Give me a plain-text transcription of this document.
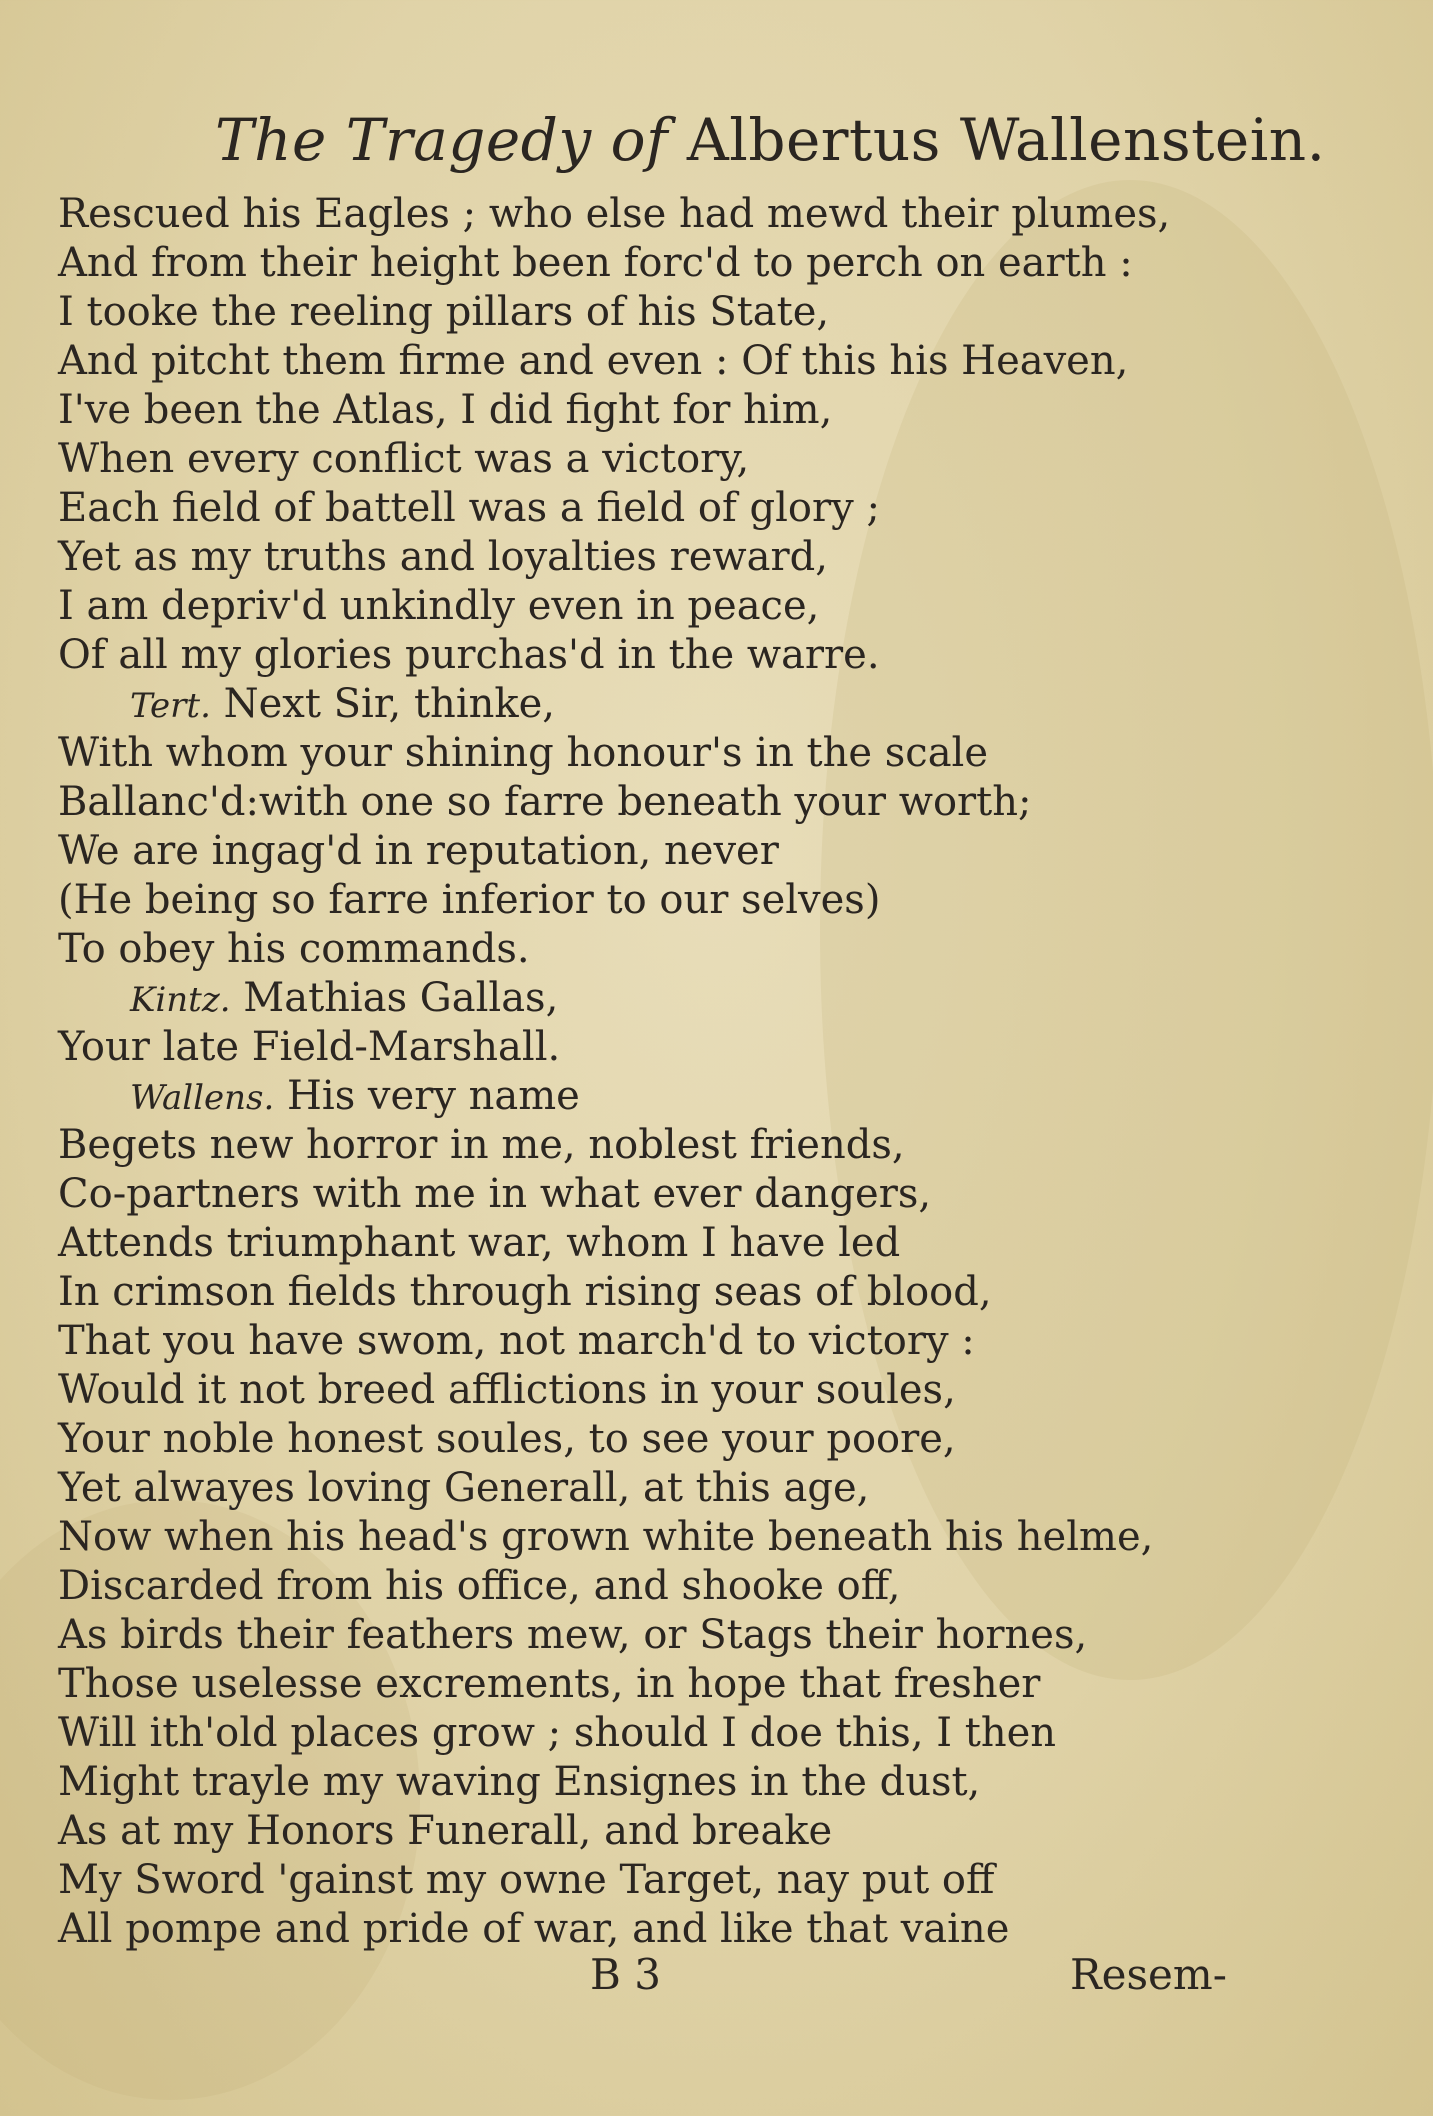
The Tragedy of Albertus Wallenstein.
Rescued his Eagles ; who else had mewd their plumes,
And from their height been forc'd to perch on earth :
I tooke the reeling pillars of his State,
And pitcht them firme and even : Of this his Heaven,
I've been the Atlas, I did fight for him,
When every conflict was a victory,
Each field of battell was a field of glory ;
Yet as my truths and loyalties reward,
I am depriv'd unkindly even in peace,
Of all my glories purchas'd in the warre.
Tert. Next Sir, thinke,
With whom your shining honour's in the scale
Ballanc'd:with one so farre beneath your worth;
We are ingag'd in reputation, never
(He being so farre inferior to our selves)
To obey his commands.
Kintz. Mathias Gallas,
Your late Field-Marshall.
Wallens. His very name
Begets new horror in me, noblest friends,
Co-partners with me in what ever dangers,
Attends triumphant war, whom I have led
In crimson fields through rising seas of blood,
That you have swom, not march'd to victory :
Would it not breed afflictions in your soules,
Your noble honest soules, to see your poore,
Yet alwayes loving Generall, at this age,
Now when his head's grown white beneath his helme,
Discarded from his office, and shooke off,
As birds their feathers mew, or Stags their hornes,
Those uselesse excrements, in hope that fresher
Will ith'old places grow ; should I doe this, I then
Might trayle my waving Ensignes in the dust,
As at my Honors Funerall, and breake
My Sword 'gainst my owne Target, nay put off
All pompe and pride of war, and like that vaine
B 3	Resem-
